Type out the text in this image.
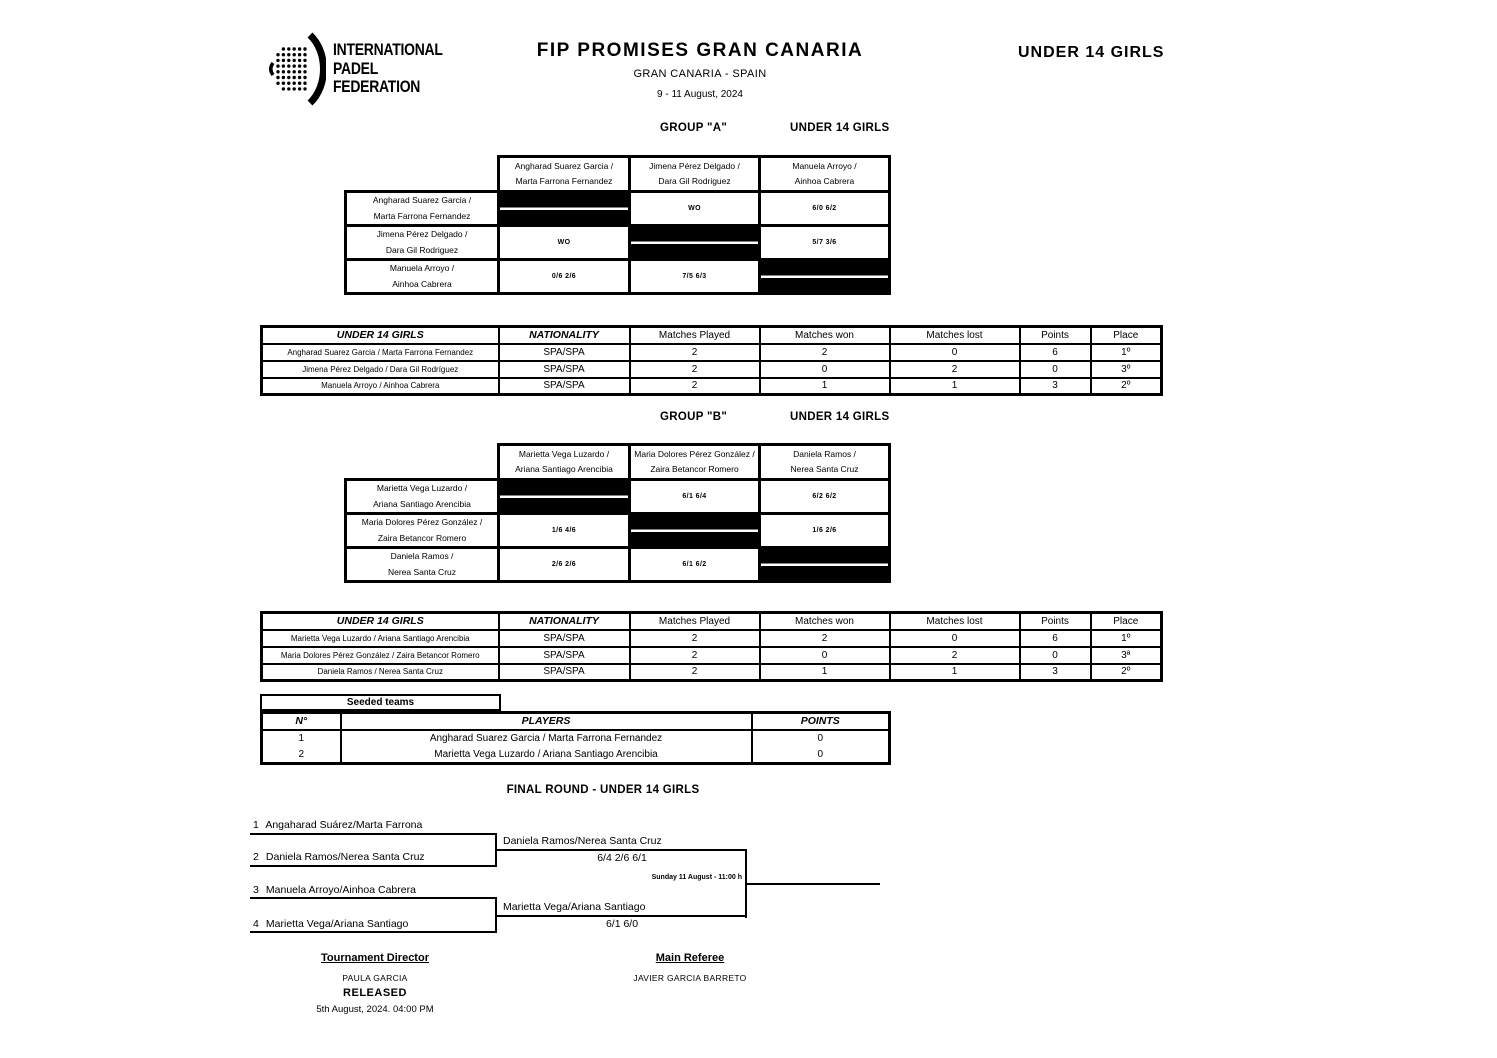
INTERNATIONAL
PADEL
FEDERATION
FIP PROMISES GRAN CANARIA
GRAN CANARIA - SPAIN
9 - 11 August, 2024
UNDER 14 GIRLS
GROUP "A"	UNDER 14 GIRLS

Angharad Suarez Garcia /
Marta Farrona Fernandez

Jimena Pérez Delgado /
Dara Gil Rodriguez

Manuela Arroyo /
Ainhoa Cabrera

Angharad Suarez Garcia /
Marta Farrona Fernandez		WO	6/0 6/2

Jimena Pérez Delgado /
Dara Gil Rodriguez	WO		5/7 3/6

Manuela Arroyo /
Ainhoa Cabrera	0/6 2/6	7/5 6/3	
UNDER 14 GIRLS	NATIONALITY	Matches Played	Matches won	Matches lost	Points	Place
Angharad Suarez Garcia / Marta Farrona Fernandez	SPA/SPA	2	2	0	6	1º
Jimena Pérez Delgado / Dara Gil Rodríguez	SPA/SPA	2	0	2	0	3º
Manuela Arroyo / Ainhoa Cabrera	SPA/SPA	2	1	1	3	2º
GROUP "B"	UNDER 14 GIRLS

Marietta Vega Luzardo /
Ariana Santiago Arencibia

Maria Dolores Pérez González /
Zaira Betancor Romero

Daniela Ramos /
Nerea Santa Cruz

Marietta Vega Luzardo /
Ariana Santiago Arencibia		6/1 6/4	6/2 6/2

Maria Dolores Pérez González /
Zaira Betancor Romero	1/6 4/6		1/6 2/6

Daniela Ramos /
Nerea Santa Cruz	2/6 2/6	6/1 6/2	
UNDER 14 GIRLS	NATIONALITY	Matches Played	Matches won	Matches lost	Points	Place
Marietta Vega Luzardo / Ariana Santiago Arencibia	SPA/SPA	2	2	0	6	1º
Maria Dolores Pérez González / Zaira Betancor Romero	SPA/SPA	2	0	2	0	3ª
Daniela Ramos / Nerea Santa Cruz	SPA/SPA	2	1	1	3	2º
Seeded teams
N°	PLAYERS	POINTS
1	Angharad Suarez Garcia / Marta Farrona Fernandez	0
2	Marietta Vega Luzardo / Ariana Santiago Arencibia	0
FINAL ROUND - UNDER 14 GIRLS
1 Angaharad Suárez/Marta Farrona
2 Daniela Ramos/Nerea Santa Cruz
Daniela Ramos/Nerea Santa Cruz
6/4 2/6 6/1
Sunday 11 August - 11:00 h
3 Manuela Arroyo/Ainhoa Cabrera
Marietta Vega/Ariana Santiago
4 Marietta Vega/Ariana Santiago	6/1 6/0
Tournament Director
PAULA GARCIA
RELEASED
5th August, 2024. 04:00 PM
Main Referee
JAVIER GARCIA BARRETO
